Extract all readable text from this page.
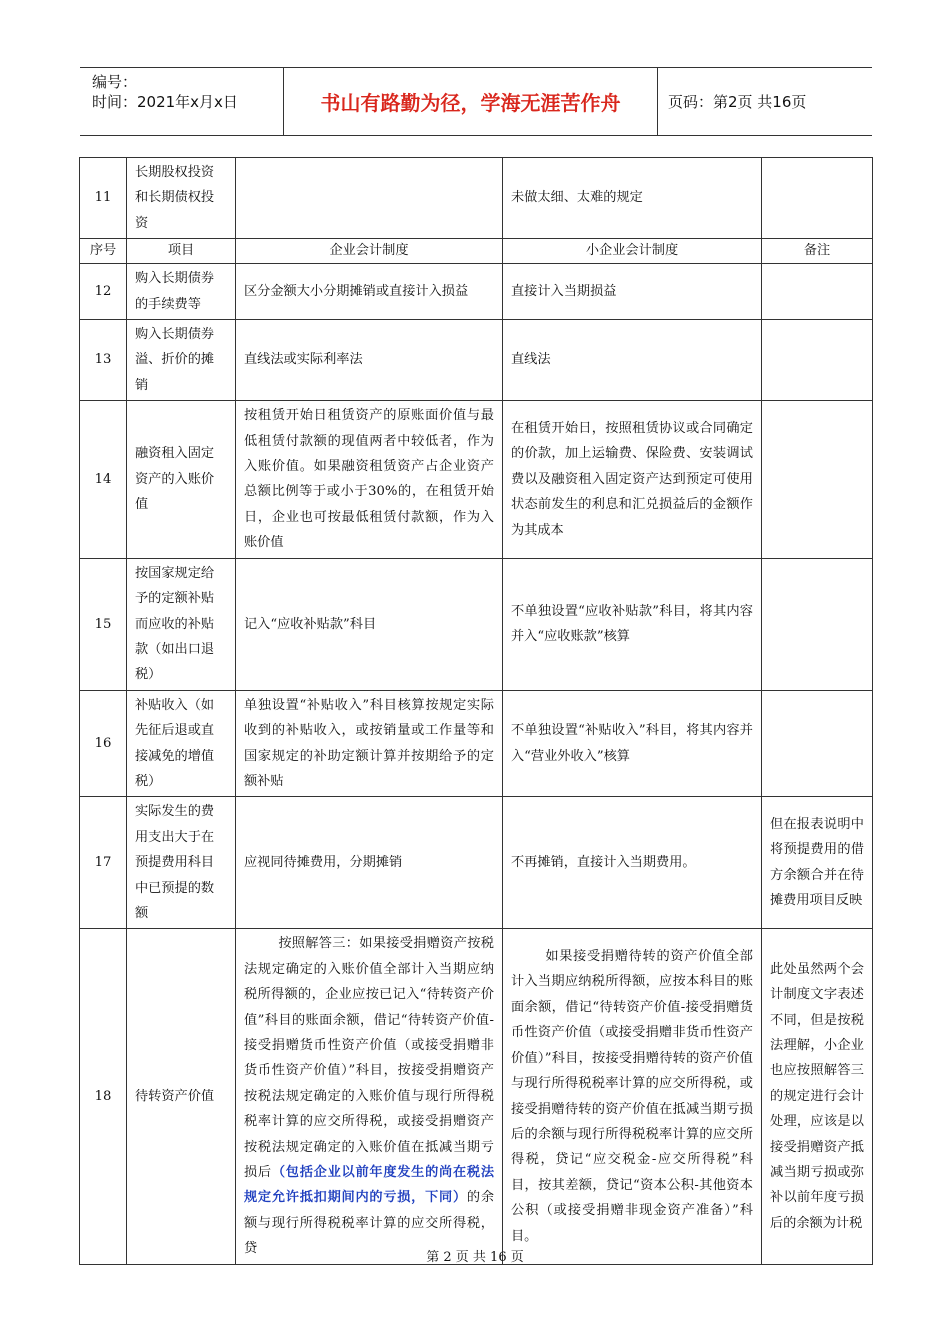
编号：
时间：2021年x月x日	书山有路勤为径，学海无涯苦作舟	页码：第2页 共16页
11	长期股权投资和长期债权投资		未做太细、太难的规定	
序号	项目	企业会计制度	小企业会计制度	备注
12	购入长期债券的手续费等	区分金额大小分期摊销或直接计入损益	直接计入当期损益	
13	购入长期债券溢、折价的摊销	直线法或实际利率法	直线法	
14	融资租入固定资产的入账价值	按租赁开始日租赁资产的原账面价值与最低租赁付款额的现值两者中较低者，作为入账价值。如果融资租赁资产占企业资产总额比例等于或小于30%的，在租赁开始日，企业也可按最低租赁付款额，作为入账价值	在租赁开始日，按照租赁协议或合同确定的价款，加上运输费、保险费、安装调试费以及融资租入固定资产达到预定可使用状态前发生的利息和汇兑损益后的金额作为其成本	
15	按国家规定给予的定额补贴而应收的补贴款（如出口退税）	记入“应收补贴款”科目	不单独设置“应收补贴款”科目，将其内容并入“应收账款”核算	
16	补贴收入（如先征后退或直接减免的增值税）	单独设置“补贴收入”科目核算按规定实际收到的补贴收入，或按销量或工作量等和国家规定的补助定额计算并按期给予的定额补贴	不单独设置“补贴收入”科目，将其内容并入“营业外收入”核算	
17	实际发生的费用支出大于在预提费用科目中已预提的数额	应视同待摊费用，分期摊销	不再摊销，直接计入当期费用。	但在报表说明中将预提费用的借方余额合并在待摊费用项目反映
18	待转资产价值	按照解答三：如果接受捐赠资产按税法规定确定的入账价值全部计入当期应纳税所得额的，企业应按已记入“待转资产价值”科目的账面余额，借记“待转资产价值-接受捐赠货币性资产价值（或接受捐赠非货币性资产价值）”科目，按接受捐赠资产按税法规定确定的入账价值与现行所得税税率计算的应交所得税，或接受捐赠资产按税法规定确定的入账价值在抵减当期亏损后（包括企业以前年度发生的尚在税法规定允许抵扣期间内的亏损，下同）的余额与现行所得税税率计算的应交所得税，贷	如果接受捐赠待转的资产价值全部计入当期应纳税所得额，应按本科目的账面余额，借记“待转资产价值-接受捐赠货币性资产价值（或接受捐赠非货币性资产价值）”科目，按接受捐赠待转的资产价值与现行所得税税率计算的应交所得税，或接受捐赠待转的资产价值在抵减当期亏损后的余额与现行所得税税率计算的应交所得税，贷记“应交税金-应交所得税”科目，按其差额，贷记“资本公积-其他资本公积（或接受捐赠非现金资产准备）”科目。	此处虽然两个会计制度文字表述不同，但是按税法理解，小企业也应按照解答三的规定进行会计处理，应该是以接受捐赠资产抵减当期亏损或弥补以前年度亏损后的余额为计税
第 2 页 共 16 页
